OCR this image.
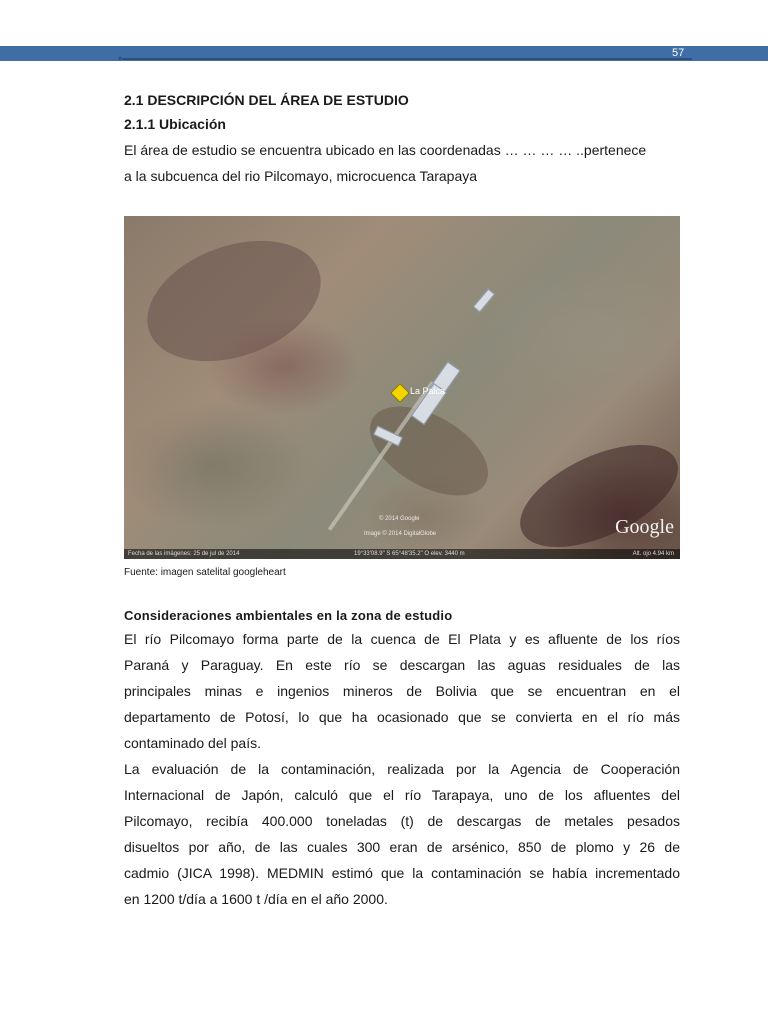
▾	57
2.1 DESCRIPCIÓN DEL ÁREA DE ESTUDIO
2.1.1 Ubicación

El área de estudio se encuentra ubicado en las coordenadas … … … … ..pertenece

a la subcuenca del rio Pilcomayo, microcuenca Tarapaya

La Palca
© 2014 Google
Image © 2014 DigitalGlobe	Google
Fecha de las imágenes: 25 de jul de 2014	19°33'08.9" S 65°48'35.2" O elev. 3440 m	Alt. ojo 4.94 km
Fuente: imagen satelital googleheart
Consideraciones ambientales en la zona de estudio

El río Pilcomayo forma parte de la cuenca de El Plata y es afluente de los ríos

Paraná y Paraguay. En este río se descargan las aguas residuales de las

principales minas e ingenios mineros de Bolivia que se encuentran en el

departamento de Potosí, lo que ha ocasionado que se convierta en el río más

contaminado del país.

La evaluación de la contaminación, realizada por la Agencia de Cooperación

Internacional de Japón, calculó que el río Tarapaya, uno de los afluentes del

Pilcomayo, recibía 400.000 toneladas (t) de descargas de metales pesados

disueltos por año, de las cuales 300 eran de arsénico, 850 de plomo y 26 de

cadmio (JICA 1998). MEDMIN estimó que la contaminación se había incrementado

en 1200 t/día a 1600 t /día en el año 2000.
